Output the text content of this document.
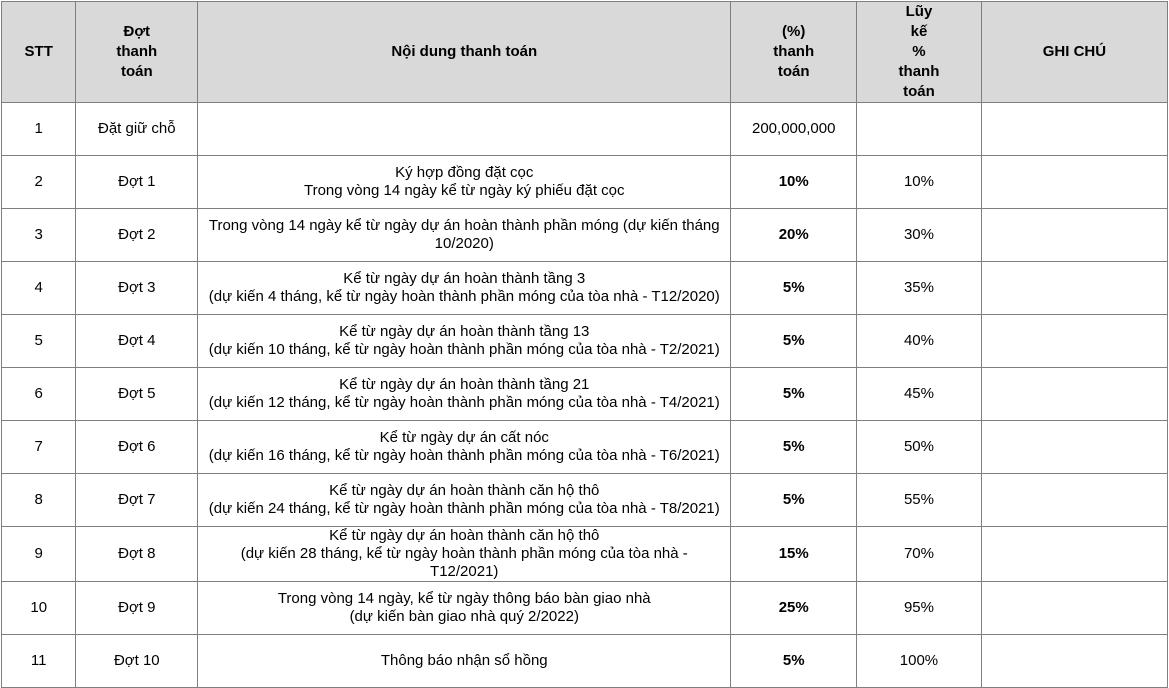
STT	Đợt
thanh
toán	Nội dung thanh toán	(%)
thanh
toán	Lũy
kế
%
thanh
toán	GHI CHÚ

1	Đặt giữ chỗ		200,000,000		
2	Đợt 1	Ký hợp đồng đặt cọc
Trong vòng 14 ngày kể từ ngày ký phiếu đặt cọc	10%	10%	
3	Đợt 2	Trong vòng 14 ngày kể từ ngày dự án hoàn thành phần móng (dự kiến tháng
10/2020)	20%	30%	
4	Đợt 3	Kể từ ngày dự án hoàn thành tầng 3
(dự kiến 4 tháng, kể từ ngày hoàn thành phần móng của tòa nhà - T12/2020)	5%	35%	
5	Đợt 4	Kể từ ngày dự án hoàn thành tầng 13
(dự kiến 10 tháng, kể từ ngày hoàn thành phần móng của tòa nhà - T2/2021)	5%	40%	
6	Đợt 5	Kể từ ngày dự án hoàn thành tầng 21
(dự kiến 12 tháng, kể từ ngày hoàn thành phần móng của tòa nhà - T4/2021)	5%	45%	
7	Đợt 6	Kể từ ngày dự án cất nóc
(dự kiến 16 tháng, kể từ ngày hoàn thành phần móng của tòa nhà - T6/2021)	5%	50%	
8	Đợt 7	Kể từ ngày dự án hoàn thành căn hộ thô
(dự kiến 24 tháng, kể từ ngày hoàn thành phần móng của tòa nhà - T8/2021)	5%	55%	
9	Đợt 8	Kể từ ngày dự án hoàn thành căn hộ thô
(dự kiến 28 tháng, kể từ ngày hoàn thành phần móng của tòa nhà -
T12/2021)	15%	70%	
10	Đợt 9	Trong vòng 14 ngày, kể từ ngày thông báo bàn giao nhà
(dự kiến bàn giao nhà quý 2/2022)	25%	95%	
11	Đợt 10	Thông báo nhận sổ hồng	5%	100%	
